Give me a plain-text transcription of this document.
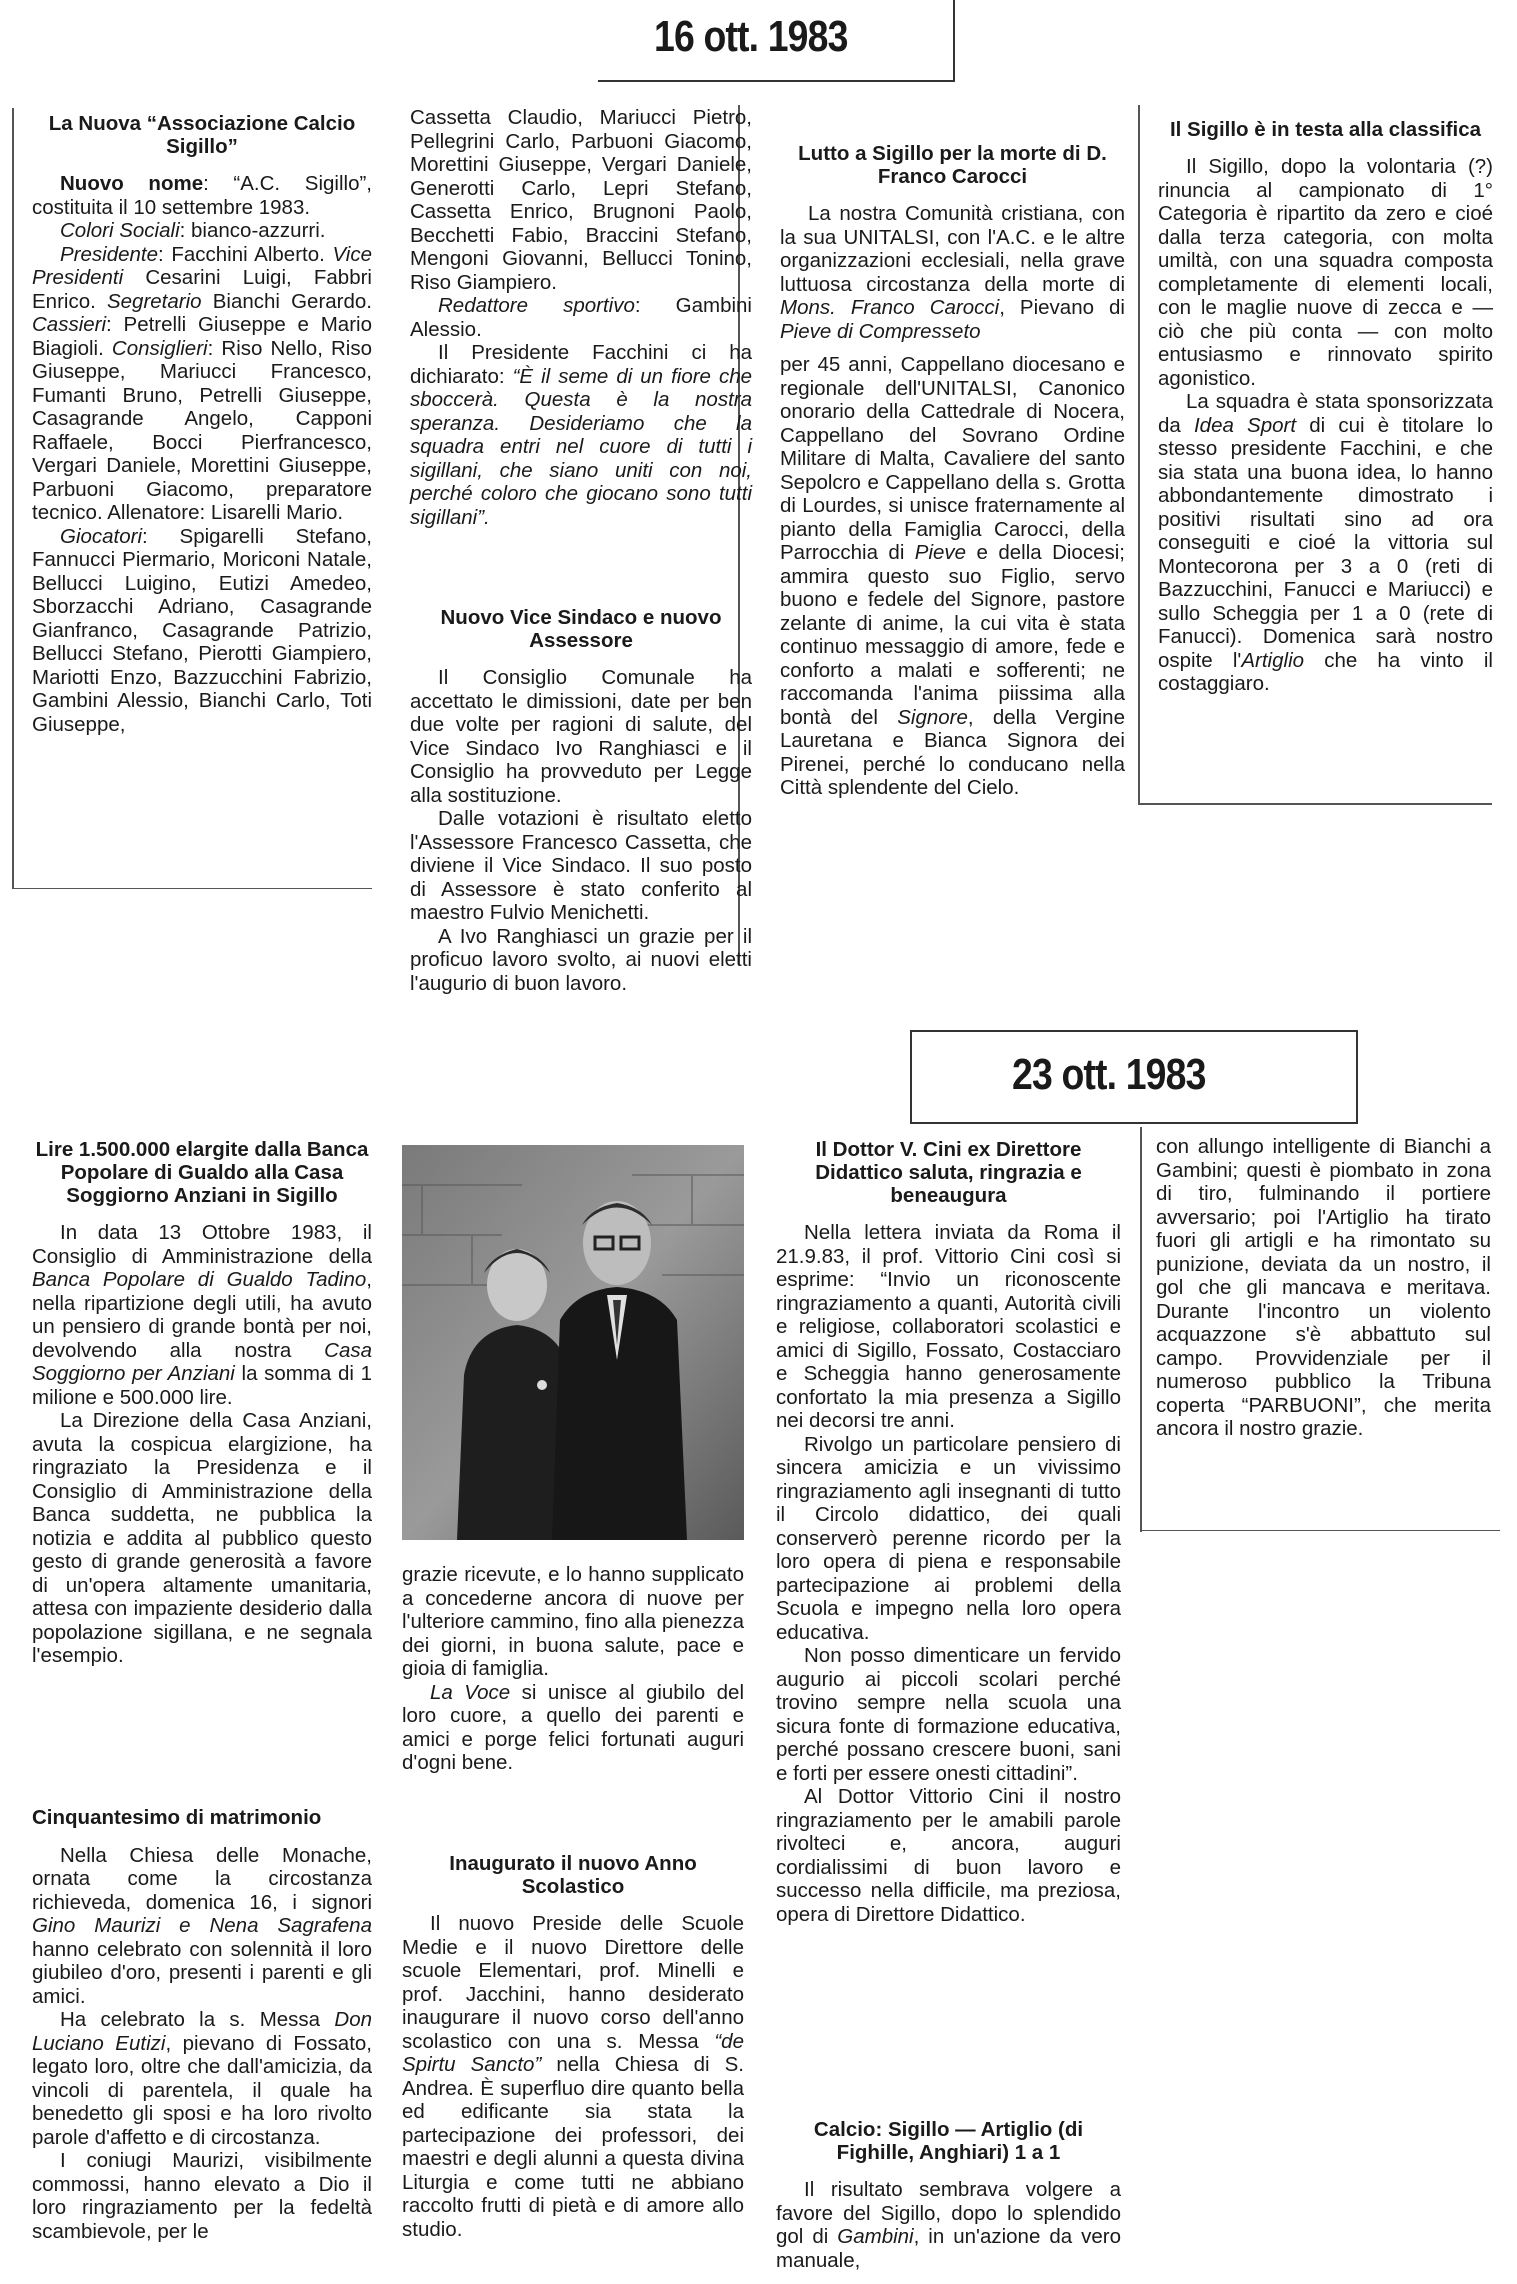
16 ott. 1983
23 ott. 1983
La Nuova “Associazione Calcio Sigillo”

Nuovo nome: “A.C. Sigillo”, costituita il 10 settembre 1983.

Colori Sociali: bianco-azzurri.

Presidente: Facchini Alberto. Vice Presidenti Cesarini Luigi, Fabbri Enrico. Segretario Bianchi Gerardo. Cassieri: Petrelli Giuseppe e Mario Biagioli. Consiglieri: Riso Nello, Riso Giuseppe, Mariucci Francesco, Fumanti Bruno, Petrelli Giuseppe, Casagrande Angelo, Capponi Raffaele, Bocci Pierfrancesco, Vergari Daniele, Morettini Giuseppe, Parbuoni Giacomo, preparatore tecnico. Allenatore: Lisarelli Mario.

Giocatori: Spigarelli Stefano, Fannucci Piermario, Moriconi Natale, Bellucci Luigino, Eutizi Amedeo, Sborzacchi Adriano, Casagrande Gianfranco, Casagrande Patrizio, Bellucci Stefano, Pierotti Giampiero, Mariotti Enzo, Bazzucchini Fabrizio, Gambini Alessio, Bianchi Carlo, Toti Giuseppe,

Cassetta Claudio, Mariucci Pietro, Pellegrini Carlo, Parbuoni Giacomo, Morettini Giuseppe, Vergari Daniele, Generotti Carlo, Lepri Stefano, Cassetta Enrico, Brugnoni Paolo, Becchetti Fabio, Braccini Stefano, Mengoni Giovanni, Bellucci Tonino, Riso Giampiero.

Redattore sportivo: Gambini Alessio.

Il Presidente Facchini ci ha dichiarato: “È il seme di un fiore che sboccerà. Questa è la nostra speranza. Desideriamo che la squadra entri nel cuore di tutti i sigillani, che siano uniti con noi, perché coloro che giocano sono tutti sigillani”.

Nuovo Vice Sindaco e nuovo Assessore

Il Consiglio Comunale ha accettato le dimissioni, date per ben due volte per ragioni di salute, del Vice Sindaco Ivo Ranghiasci e il Consiglio ha provveduto per Legge alla sostituzione.

Dalle votazioni è risultato eletto l'Assessore Francesco Cassetta, che diviene il Vice Sindaco. Il suo posto di Assessore è stato conferito al maestro Fulvio Menichetti.

A Ivo Ranghiasci un grazie per il proficuo lavoro svolto, ai nuovi eletti l'augurio di buon lavoro.

Lutto a Sigillo per la morte di D. Franco Carocci

La nostra Comunità cristiana, con la sua UNITALSI, con l'A.C. e le altre organizzazioni ecclesiali, nella grave luttuosa circostanza della morte di Mons. Franco Carocci, Pievano di Pieve di Compresseto

per 45 anni, Cappellano diocesano e regionale dell'UNITALSI, Canonico onorario della Cattedrale di Nocera, Cappellano del Sovrano Ordine Militare di Malta, Cavaliere del santo Sepolcro e Cappellano della s. Grotta di Lourdes, si unisce fraternamente al pianto della Famiglia Carocci, della Parrocchia di Pieve e della Diocesi; ammira questo suo Figlio, servo buono e fedele del Signore, pastore zelante di anime, la cui vita è stata continuo messaggio di amore, fede e conforto a malati e sofferenti; ne raccomanda l'anima piissima alla bontà del Signore, della Vergine Lauretana e Bianca Signora dei Pirenei, perché lo conducano nella Città splendente del Cielo.

Il Sigillo è in testa alla classifica

Il Sigillo, dopo la volontaria (?) rinuncia al campionato di 1° Categoria è ripartito da zero e cioé dalla terza categoria, con molta umiltà, con una squadra composta completamente di elementi locali, con le maglie nuove di zecca e — ciò che più conta — con molto entusiasmo e rinnovato spirito agonistico.

La squadra è stata sponsorizzata da Idea Sport di cui è titolare lo stesso presidente Facchini, e che sia stata una buona idea, lo hanno abbondantemente dimostrato i positivi risultati sino ad ora conseguiti e cioé la vittoria sul Montecorona per 3 a 0 (reti di Bazzucchini, Fanucci e Mariucci) e sullo Scheggia per 1 a 0 (rete di Fanucci). Domenica sarà nostro ospite l'Artiglio che ha vinto il costaggiaro.

Lire 1.500.000 elargite dalla Banca Popolare di Gualdo alla Casa Soggiorno Anziani in Sigillo

In data 13 Ottobre 1983, il Consiglio di Amministrazione della Banca Popolare di Gualdo Tadino, nella ripartizione degli utili, ha avuto un pensiero di grande bontà per noi, devolvendo alla nostra Casa Soggiorno per Anziani la somma di 1 milione e 500.000 lire.

La Direzione della Casa Anziani, avuta la cospicua elargizione, ha ringraziato la Presidenza e il Consiglio di Amministrazione della Banca suddetta, ne pubblica la notizia e addita al pubblico questo gesto di grande generosità a favore di un'opera altamente umanitaria, attesa con impaziente desiderio dalla popolazione sigillana, e ne segnala l'esempio.

Cinquantesimo di matrimonio

Nella Chiesa delle Monache, ornata come la circostanza richieveda, domenica 16, i signori Gino Maurizi e Nena Sagrafena hanno celebrato con solennità il loro giubileo d'oro, presenti i parenti e gli amici.

Ha celebrato la s. Messa Don Luciano Eutizi, pievano di Fossato, legato loro, oltre che dall'amicizia, da vincoli di parentela, il quale ha benedetto gli sposi e ha loro rivolto parole d'affetto e di circostanza.

I coniugi Maurizi, visibilmente commossi, hanno elevato a Dio il loro ringraziamento per la fedeltà scambievole, per le

grazie ricevute, e lo hanno supplicato a concederne ancora di nuove per l'ulteriore cammino, fino alla pienezza dei giorni, in buona salute, pace e gioia di famiglia.

La Voce si unisce al giubilo del loro cuore, a quello dei parenti e amici e porge felici fortunati auguri d'ogni bene.

Inaugurato il nuovo Anno Scolastico

Il nuovo Preside delle Scuole Medie e il nuovo Direttore delle scuole Elementari, prof. Minelli e prof. Jacchini, hanno desiderato inaugurare il nuovo corso dell'anno scolastico con una s. Messa “de Spirtu Sancto” nella Chiesa di S. Andrea. È superfluo dire quanto bella ed edificante sia stata la partecipazione dei professori, dei maestri e degli alunni a questa divina Liturgia e come tutti ne abbiano raccolto frutti di pietà e di amore allo studio.

Il Dottor V. Cini ex Direttore Didattico saluta, ringrazia e beneaugura

Nella lettera inviata da Roma il 21.9.83, il prof. Vittorio Cini così si esprime: “Invio un riconoscente ringraziamento a quanti, Autorità civili e religiose, collaboratori scolastici e amici di Sigillo, Fossato, Costacciaro e Scheggia hanno generosamente confortato la mia presenza a Sigillo nei decorsi tre anni.

Rivolgo un particolare pensiero di sincera amicizia e un vivissimo ringraziamento agli insegnanti di tutto il Circolo didattico, dei quali conserverò perenne ricordo per la loro opera di piena e responsabile partecipazione ai problemi della Scuola e impegno nella loro opera educativa.

Non posso dimenticare un fervido augurio ai piccoli scolari perché trovino sempre nella scuola una sicura fonte di formazione educativa, perché possano crescere buoni, sani e forti per essere onesti cittadini”.

Al Dottor Vittorio Cini il nostro ringraziamento per le amabili parole rivolteci e, ancora, auguri cordialissimi di buon lavoro e successo nella difficile, ma preziosa, opera di Direttore Didattico.

Calcio: Sigillo — Artiglio (di Fighille, Anghiari) 1 a 1

Il risultato sembrava volgere a favore del Sigillo, dopo lo splendido gol di Gambini, in un'azione da vero manuale,

con allungo intelligente di Bianchi a Gambini; questi è piombato in zona di tiro, fulminando il portiere avversario; poi l'Artiglio ha tirato fuori gli artigli e ha rimontato su punizione, deviata da un nostro, il gol che gli mancava e meritava. Durante l'incontro un violento acquazzone s'è abbattuto sul campo. Provvidenziale per il numeroso pubblico la Tribuna coperta “PARBUONI”, che merita ancora il nostro grazie.
